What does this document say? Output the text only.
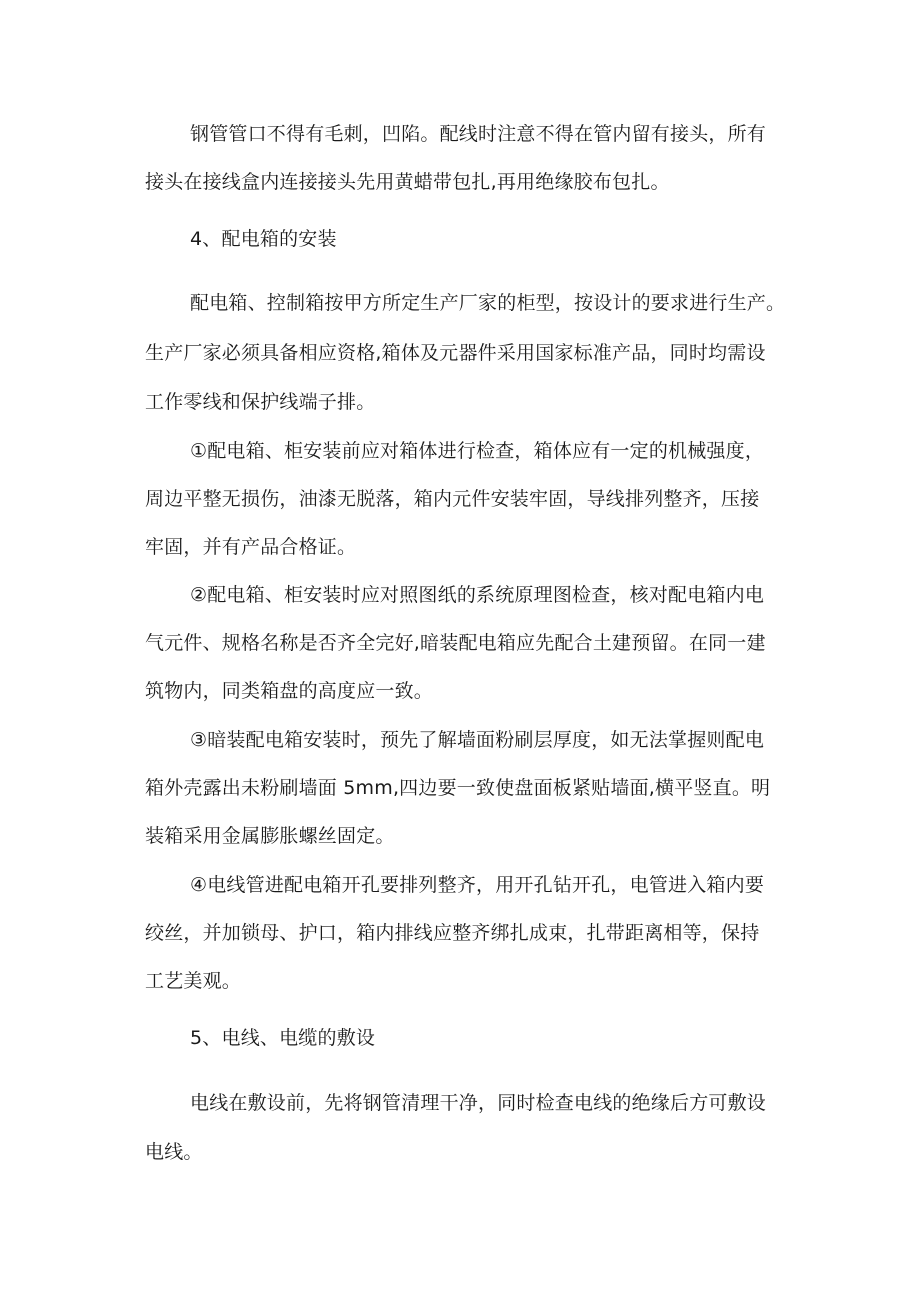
钢管管口不得有毛刺，凹陷。配线时注意不得在管内留有接头，所有
接头在接线盒内连接接头先用黄蜡带包扎,再用绝缘胶布包扎。
4、配电箱的安装
配电箱、控制箱按甲方所定生产厂家的柜型，按设计的要求进行生产。
生产厂家必须具备相应资格,箱体及元器件采用国家标准产品，同时均需设
工作零线和保护线端子排。
①配电箱、柜安装前应对箱体进行检查，箱体应有一定的机械强度，
周边平整无损伤，油漆无脱落，箱内元件安装牢固，导线排列整齐，压接
牢固，并有产品合格证。
②配电箱、柜安装时应对照图纸的系统原理图检查，核对配电箱内电
气元件、规格名称是否齐全完好,暗装配电箱应先配合土建预留。在同一建
筑物内，同类箱盘的高度应一致。
③暗装配电箱安装时，预先了解墙面粉刷层厚度，如无法掌握则配电
箱外壳露出未粉刷墙面 5mm,四边要一致使盘面板紧贴墙面,横平竖直。明
装箱采用金属膨胀螺丝固定。
④电线管进配电箱开孔要排列整齐，用开孔钻开孔，电管进入箱内要
绞丝，并加锁母、护口，箱内排线应整齐绑扎成束，扎带距离相等，保持
工艺美观。
5、电线、电缆的敷设
电线在敷设前，先将钢管清理干净，同时检查电线的绝缘后方可敷设
电线。
